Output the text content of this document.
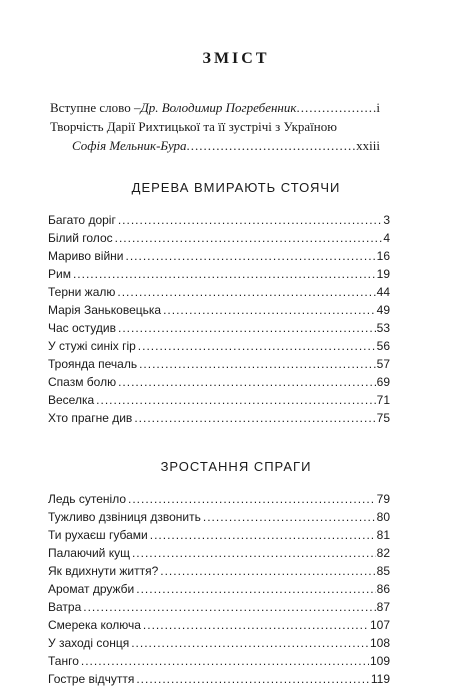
ЗМІСТ
Вступне слово – Др. Володимир Погребенник .....	i
Творчість Дарії Рихтицької та її зустрічі з Україною
Софія Мельник-Бура .....	xxiii
ДЕРЕВА ВМИРАЮТЬ СТОЯЧИ
Багато доріг .....	3
Білий голос .....	4
Мариво війни .....	16
Рим .....	19
Терни жалю .....	44
Марія Заньковецька .....	49
Час остудив .....	53
У стужі синіх гір .....	56
Троянда печаль .....	57
Спазм болю .....	69
Веселка .....	71
Хто прагне див .....	75
ЗРОСТАННЯ СПРАГИ
Ледь сутеніло .....	79
Тужливо дзвіниця дзвонить .....	80
Ти рухаєш губами .....	81
Палаючий кущ .....	82
Як вдихнути життя? .....	85
Аромат дружби .....	86
Ватра .....	87
Смерека колюча .....	107
У заході сонця .....	108
Танго .....	109
Гостре відчуття .....	119
